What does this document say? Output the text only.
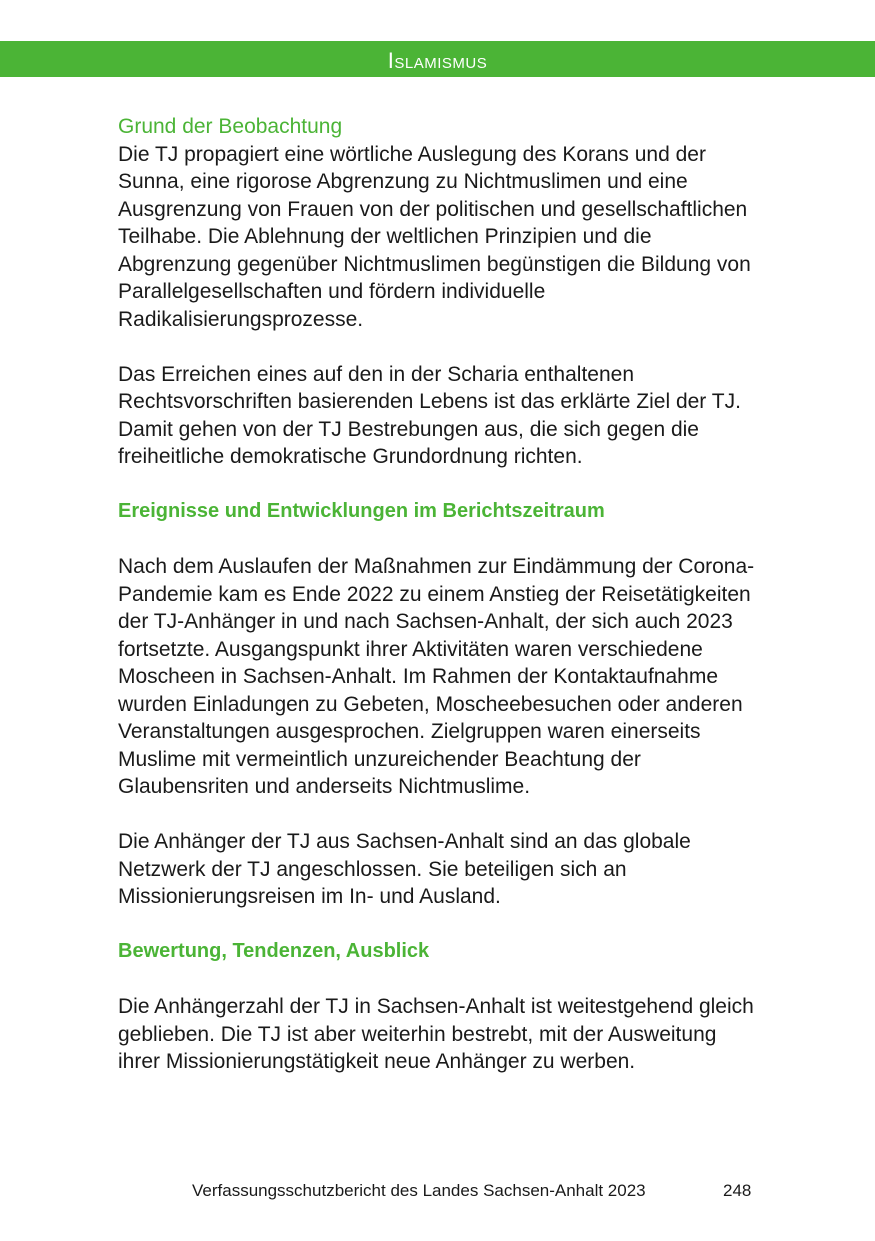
Islamismus
Grund der Beobachtung

Die TJ propagiert eine wörtliche Auslegung des Korans und der Sunna, eine rigorose Abgrenzung zu Nichtmuslimen und eine Ausgrenzung von Frauen von der politischen und gesellschaftlichen Teilhabe. Die Ablehnung der weltlichen Prinzipien und die Abgrenzung gegenüber Nichtmuslimen begünstigen die Bildung von Parallelgesellschaften und fördern individuelle Radikalisierungsprozesse.

Das Erreichen eines auf den in der Scharia enthaltenen Rechtsvorschriften basierenden Lebens ist das erklärte Ziel der TJ. Damit gehen von der TJ Bestrebungen aus, die sich gegen die freiheitliche demokratische Grundordnung richten.

Ereignisse und Entwicklungen im Berichtszeitraum

Nach dem Auslaufen der Maßnahmen zur Eindämmung der Corona-Pandemie kam es Ende 2022 zu einem Anstieg der Reisetätigkeiten der TJ-Anhänger in und nach Sachsen-Anhalt, der sich auch 2023 fortsetzte. Ausgangspunkt ihrer Aktivitäten waren verschiedene Moscheen in Sachsen-Anhalt. Im Rahmen der Kontaktaufnahme wurden Einladungen zu Gebeten, Moscheebesuchen oder anderen Veranstaltungen ausgesprochen. Zielgruppen waren einerseits Muslime mit vermeintlich unzureichender Beachtung der Glaubensriten und anderseits Nichtmuslime.

Die Anhänger der TJ aus Sachsen-Anhalt sind an das globale Netzwerk der TJ angeschlossen. Sie beteiligen sich an Missionierungsreisen im In- und Ausland.

Bewertung, Tendenzen, Ausblick

Die Anhängerzahl der TJ in Sachsen-Anhalt ist weitestgehend gleich geblieben. Die TJ ist aber weiterhin bestrebt, mit der Ausweitung ihrer Missionierungstätigkeit neue Anhänger zu werben.

Verfassungsschutzbericht des Landes Sachsen-Anhalt 2023	248
